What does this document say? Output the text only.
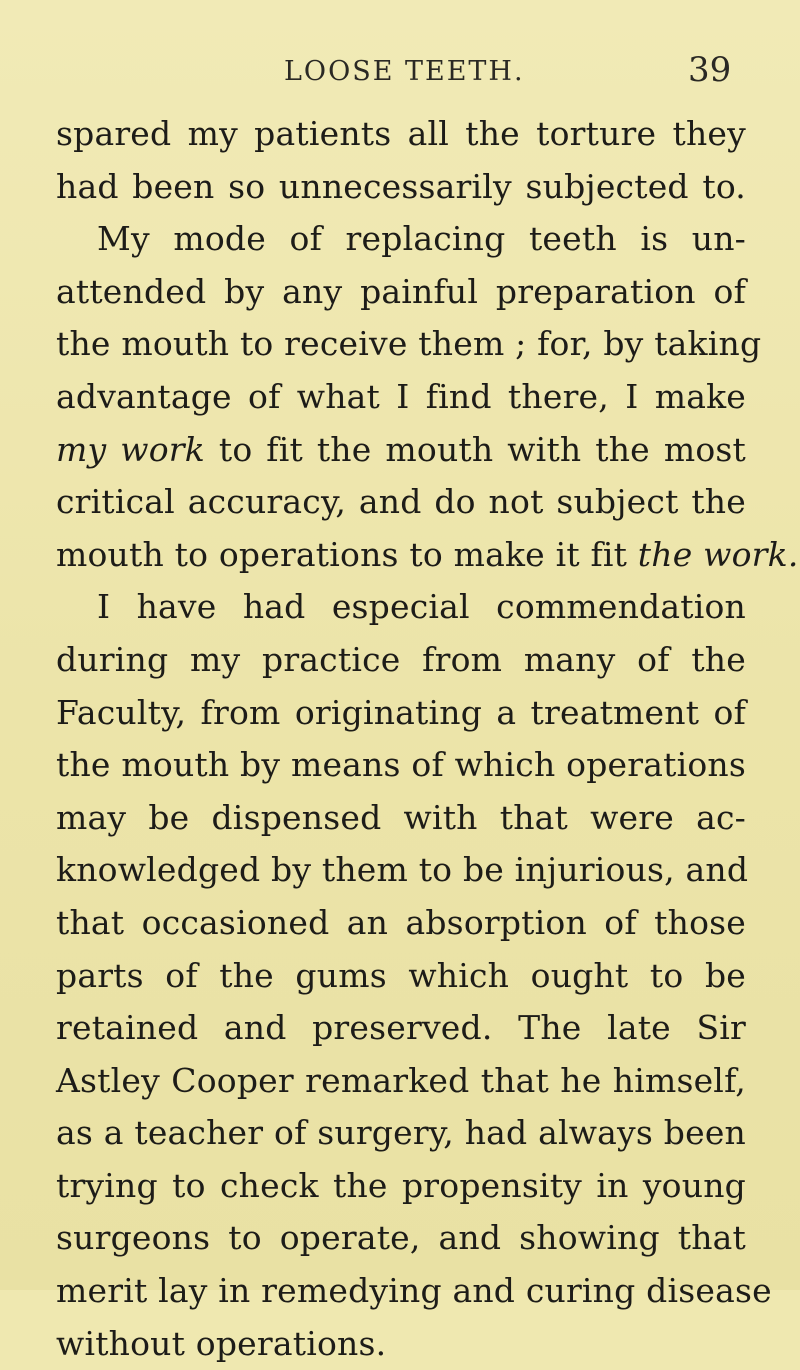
LOOSE TEETH.	39
spared my patients all the torture they
had been so unnecessarily subjected to.
My mode of replacing teeth is un-
attended by any painful preparation of
the mouth to receive them ; for, by taking
advantage of what I find there, I make
my work to fit the mouth with the most
critical accuracy, and do not subject the
mouth to operations to make it fit the work.
I have had especial commendation
during my practice from many of the
Faculty, from originating a treatment of
the mouth by means of which operations
may be dispensed with that were ac-
knowledged by them to be injurious, and
that occasioned an absorption of those
parts of the gums which ought to be
retained and preserved. The late Sir
Astley Cooper remarked that he himself,
as a teacher of surgery, had always been
trying to check the propensity in young
surgeons to operate, and showing that
merit lay in remedying and curing disease
without operations.
